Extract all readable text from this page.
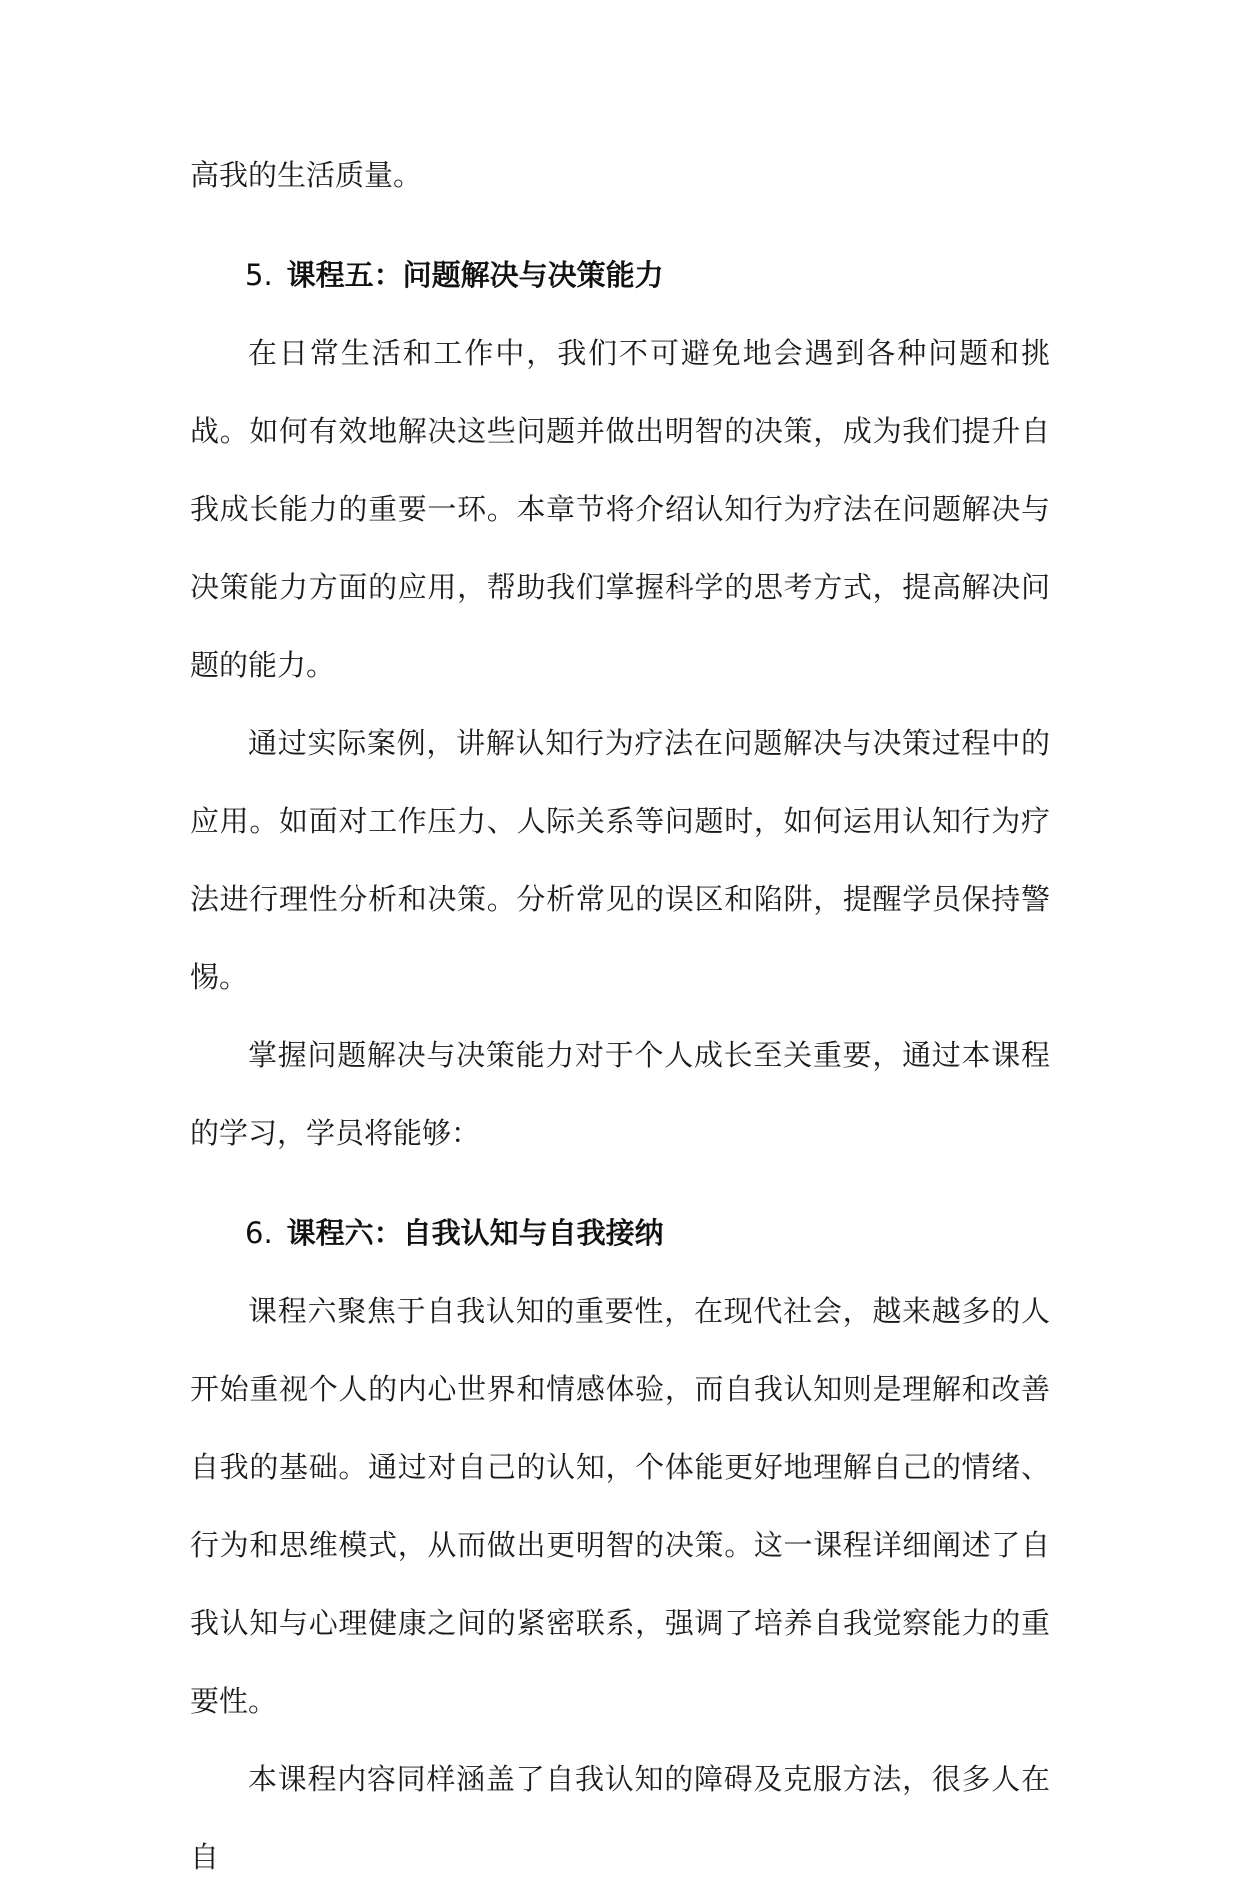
高我的生活质量。

5. 课程五：问题解决与决策能力

在日常生活和工作中，我们不可避免地会遇到各种问题和挑战。如何有效地解决这些问题并做出明智的决策，成为我们提升自我成长能力的重要一环。本章节将介绍认知行为疗法在问题解决与决策能力方面的应用，帮助我们掌握科学的思考方式，提高解决问题的能力。

通过实际案例，讲解认知行为疗法在问题解决与决策过程中的应用。如面对工作压力、人际关系等问题时，如何运用认知行为疗法进行理性分析和决策。分析常见的误区和陷阱，提醒学员保持警惕。

掌握问题解决与决策能力对于个人成长至关重要，通过本课程的学习，学员将能够：

6. 课程六：自我认知与自我接纳

课程六聚焦于自我认知的重要性，在现代社会，越来越多的人开始重视个人的内心世界和情感体验，而自我认知则是理解和改善自我的基础。通过对自己的认知，个体能更好地理解自己的情绪、行为和思维模式，从而做出更明智的决策。这一课程详细阐述了自我认知与心理健康之间的紧密联系，强调了培养自我觉察能力的重要性。

本课程内容同样涵盖了自我认知的障碍及克服方法，很多人在自
